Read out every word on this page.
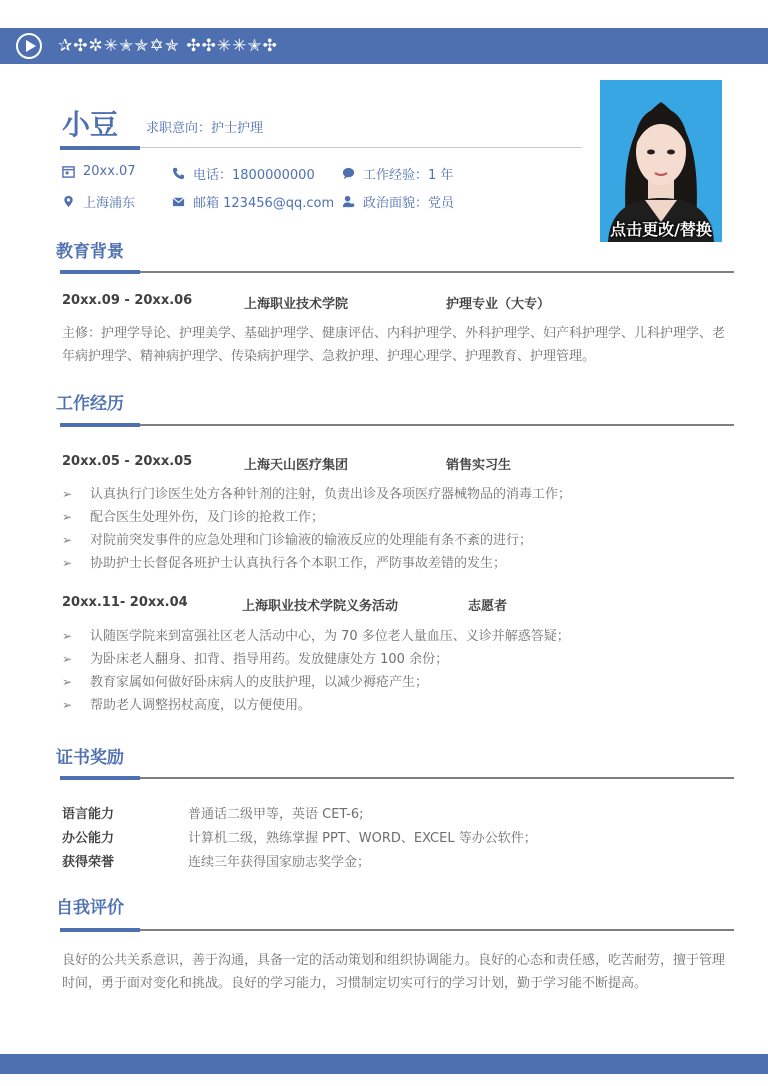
✰✣✲✳✭✯✡✯ ✣✣✳✳✭✣
小豆 求职意向：护士护理
20xx.07	电话：1800000000	工作经验：1 年
上海浦东	邮箱 123456@qq.com 政治面貌：党员
点击更改/替换
教育背景
20xx.09 - 20xx.06	上海职业技术学院	护理专业（大专）
主修：护理学导论、护理美学、基础护理学、健康评估、内科护理学、外科护理学、妇产科护理学、儿科护理学、老年病护理学、精神病护理学、传染病护理学、急救护理、护理心理学、护理教育、护理管理。
工作经历
20xx.05 - 20xx.05	上海天山医疗集团	销售实习生
➢ 认真执行门诊医生处方各种针剂的注射，负责出诊及各项医疗器械物品的消毒工作；
➢ 配合医生处理外伤，及门诊的抢救工作；
➢ 对院前突发事件的应急处理和门诊输液的输液反应的处理能有条不紊的进行；
➢ 协助护士长督促各班护士认真执行各个本职工作，严防事故差错的发生；
20xx.11- 20xx.04	上海职业技术学院义务活动	志愿者
➢ 认随医学院来到富强社区老人活动中心，为 70 多位老人量血压、义诊并解惑答疑；
➢ 为卧床老人翻身、扣背、指导用药。发放健康处方 100 余份；
➢ 教育家属如何做好卧床病人的皮肤护理，以减少褥疮产生；
➢ 帮助老人调整拐杖高度，以方便使用。
证书奖励
语言能力	普通话二级甲等，英语 CET-6;
办公能力	计算机二级，熟练掌握 PPT、WORD、EXCEL 等办公软件；
获得荣誉	连续三年获得国家励志奖学金；
自我评价
良好的公共关系意识，善于沟通，具备一定的活动策划和组织协调能力。良好的心态和责任感，吃苦耐劳，擅于管理时间，勇于面对变化和挑战。良好的学习能力，习惯制定切实可行的学习计划，勤于学习能不断提高。
